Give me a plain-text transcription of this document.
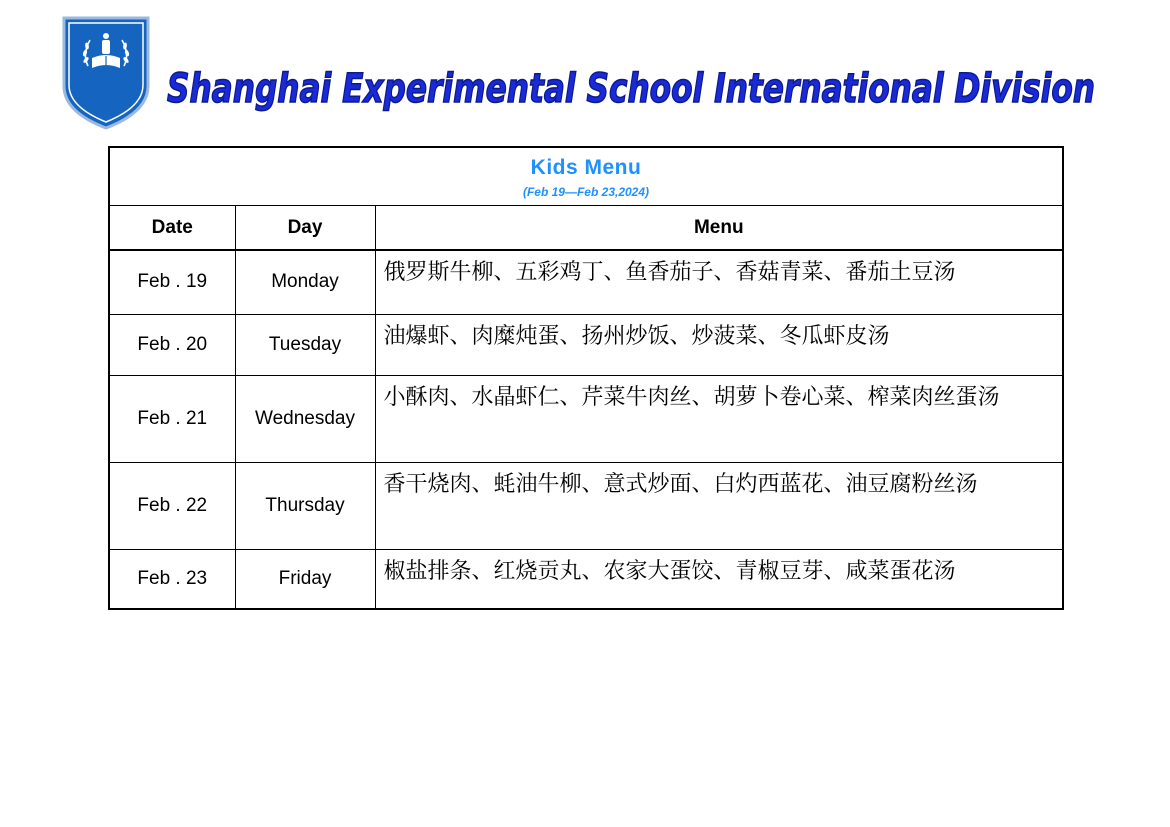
Shanghai Experimental School International Division
Kids Menu
(Feb 19—Feb 23,2024)		

Date	Day	Menu
Feb . 19	Monday	俄罗斯牛柳、五彩鸡丁、鱼香茄子、香菇青菜、番茄土豆汤
Feb . 20	Tuesday	油爆虾、肉糜炖蛋、扬州炒饭、炒菠菜、冬瓜虾皮汤
Feb . 21	Wednesday	小酥肉、水晶虾仁、芹菜牛肉丝、胡萝卜卷心菜、榨菜肉丝蛋汤
Feb . 22	Thursday	香干烧肉、蚝油牛柳、意式炒面、白灼西蓝花、油豆腐粉丝汤
Feb . 23	Friday	椒盐排条、红烧贡丸、农家大蛋饺、青椒豆芽、咸菜蛋花汤
